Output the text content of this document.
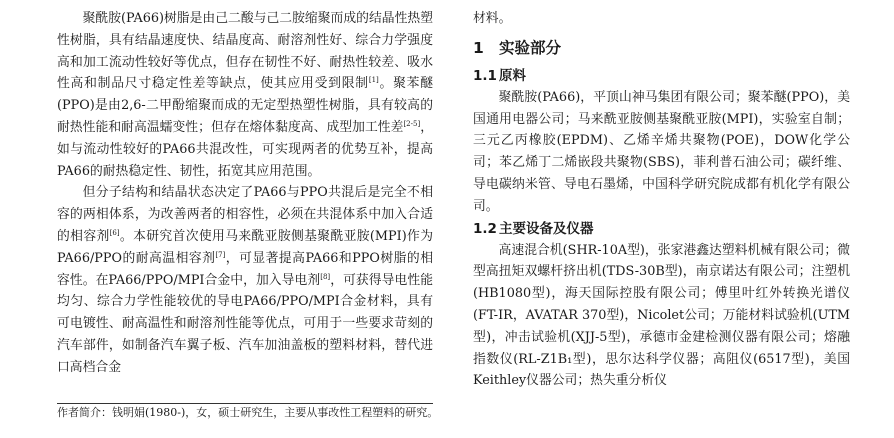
聚酰胺(PA66)树脂是由己二酸与己二胺缩聚而成的结晶性热塑性树脂，具有结晶速度快、结晶度高、耐溶剂性好、综合力学强度高和加工流动性较好等优点，但存在韧性不好、耐热性较差、吸水性高和制品尺寸稳定性差等缺点，使其应用受到限制[1]。聚苯醚(PPO)是由2,6-二甲酚缩聚而成的无定型热塑性树脂，具有较高的耐热性能和耐高温蠕变性；但存在熔体黏度高、成型加工性差[2-5]，如与流动性较好的PA66共混改性，可实现两者的优势互补，提高PA66的耐热稳定性、韧性，拓宽其应用范围。

但分子结构和结晶状态决定了PA66与PPO共混后是完全不相容的两相体系，为改善两者的相容性，必须在共混体系中加入合适的相容剂[6]。本研究首次使用马来酰亚胺侧基聚酰亚胺(MPI)作为PA66/PPO的耐高温相容剂[7]，可显著提高PA66和PPO树脂的相容性。在PA66/PPO/MPI合金中，加入导电剂[8]，可获得导电性能均匀、综合力学性能较优的导电PA66/PPO/MPI合金材料，具有可电镀性、耐高温性和耐溶剂性能等优点，可用于一些要求苛刻的汽车部件，如制备汽车翼子板、汽车加油盖板的塑料材料，替代进口高档合金

材料。

1 实验部分
1.1 原料

聚酰胺(PA66)，平顶山神马集团有限公司；聚苯醚(PPO)，美国通用电器公司；马来酰亚胺侧基聚酰亚胺(MPI)，实验室自制；三元乙丙橡胶(EPDM)、乙烯辛烯共聚物(POE)，DOW化学公司；苯乙烯丁二烯嵌段共聚物(SBS)，菲利普石油公司；碳纤维、导电碳纳米管、导电石墨烯，中国科学研究院成都有机化学有限公司。

1.2 主要设备及仪器

高速混合机(SHR-10A型)，张家港鑫达塑料机械有限公司；微型高扭矩双螺杆挤出机(TDS-30B型)，南京诺达有限公司；注塑机(HB1080型)，海天国际控股有限公司；傅里叶红外转换光谱仪(FT-IR，AVATAR 370型)，Nicolet公司；万能材料试验机(UTM型)，冲击试验机(XJJ-5型)，承德市金建检测仪器有限公司；熔融指数仪(RL-Z1B₁型)，思尔达科学仪器；高阻仪(6517型)，美国Keithley仪器公司；热失重分析仪

作者简介：钱明娟(1980-)，女，硕士研究生，主要从事改性工程塑料的研究。
